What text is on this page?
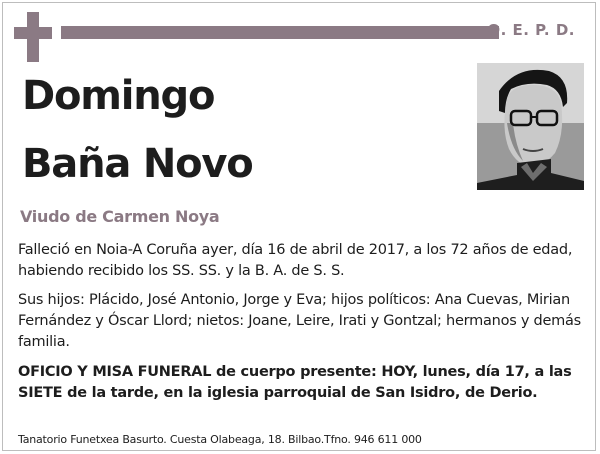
Q. E. P. D.
Domingo
Baña Novo
Viudo de Carmen Noya

Falleció en Noia-A Coruña ayer, día 16 de abril de 2017, a los 72 años de edad, habiendo recibido los SS. SS. y la B. A. de S. S.

Sus hijos: Plácido, José Antonio, Jorge y Eva; hijos políticos: Ana Cuevas, Mirian Fernández y Óscar Llord; nietos: Joane, Leire, Irati y Gontzal; hermanos y demás familia.

OFICIO Y MISA FUNERAL de cuerpo presente: HOY, lunes, día 17, a las SIETE de la tarde, en la iglesia parroquial de San Isidro, de Derio.

Tanatorio Funetxea Basurto. Cuesta Olabeaga, 18. Bilbao.Tfno. 946 611 000
